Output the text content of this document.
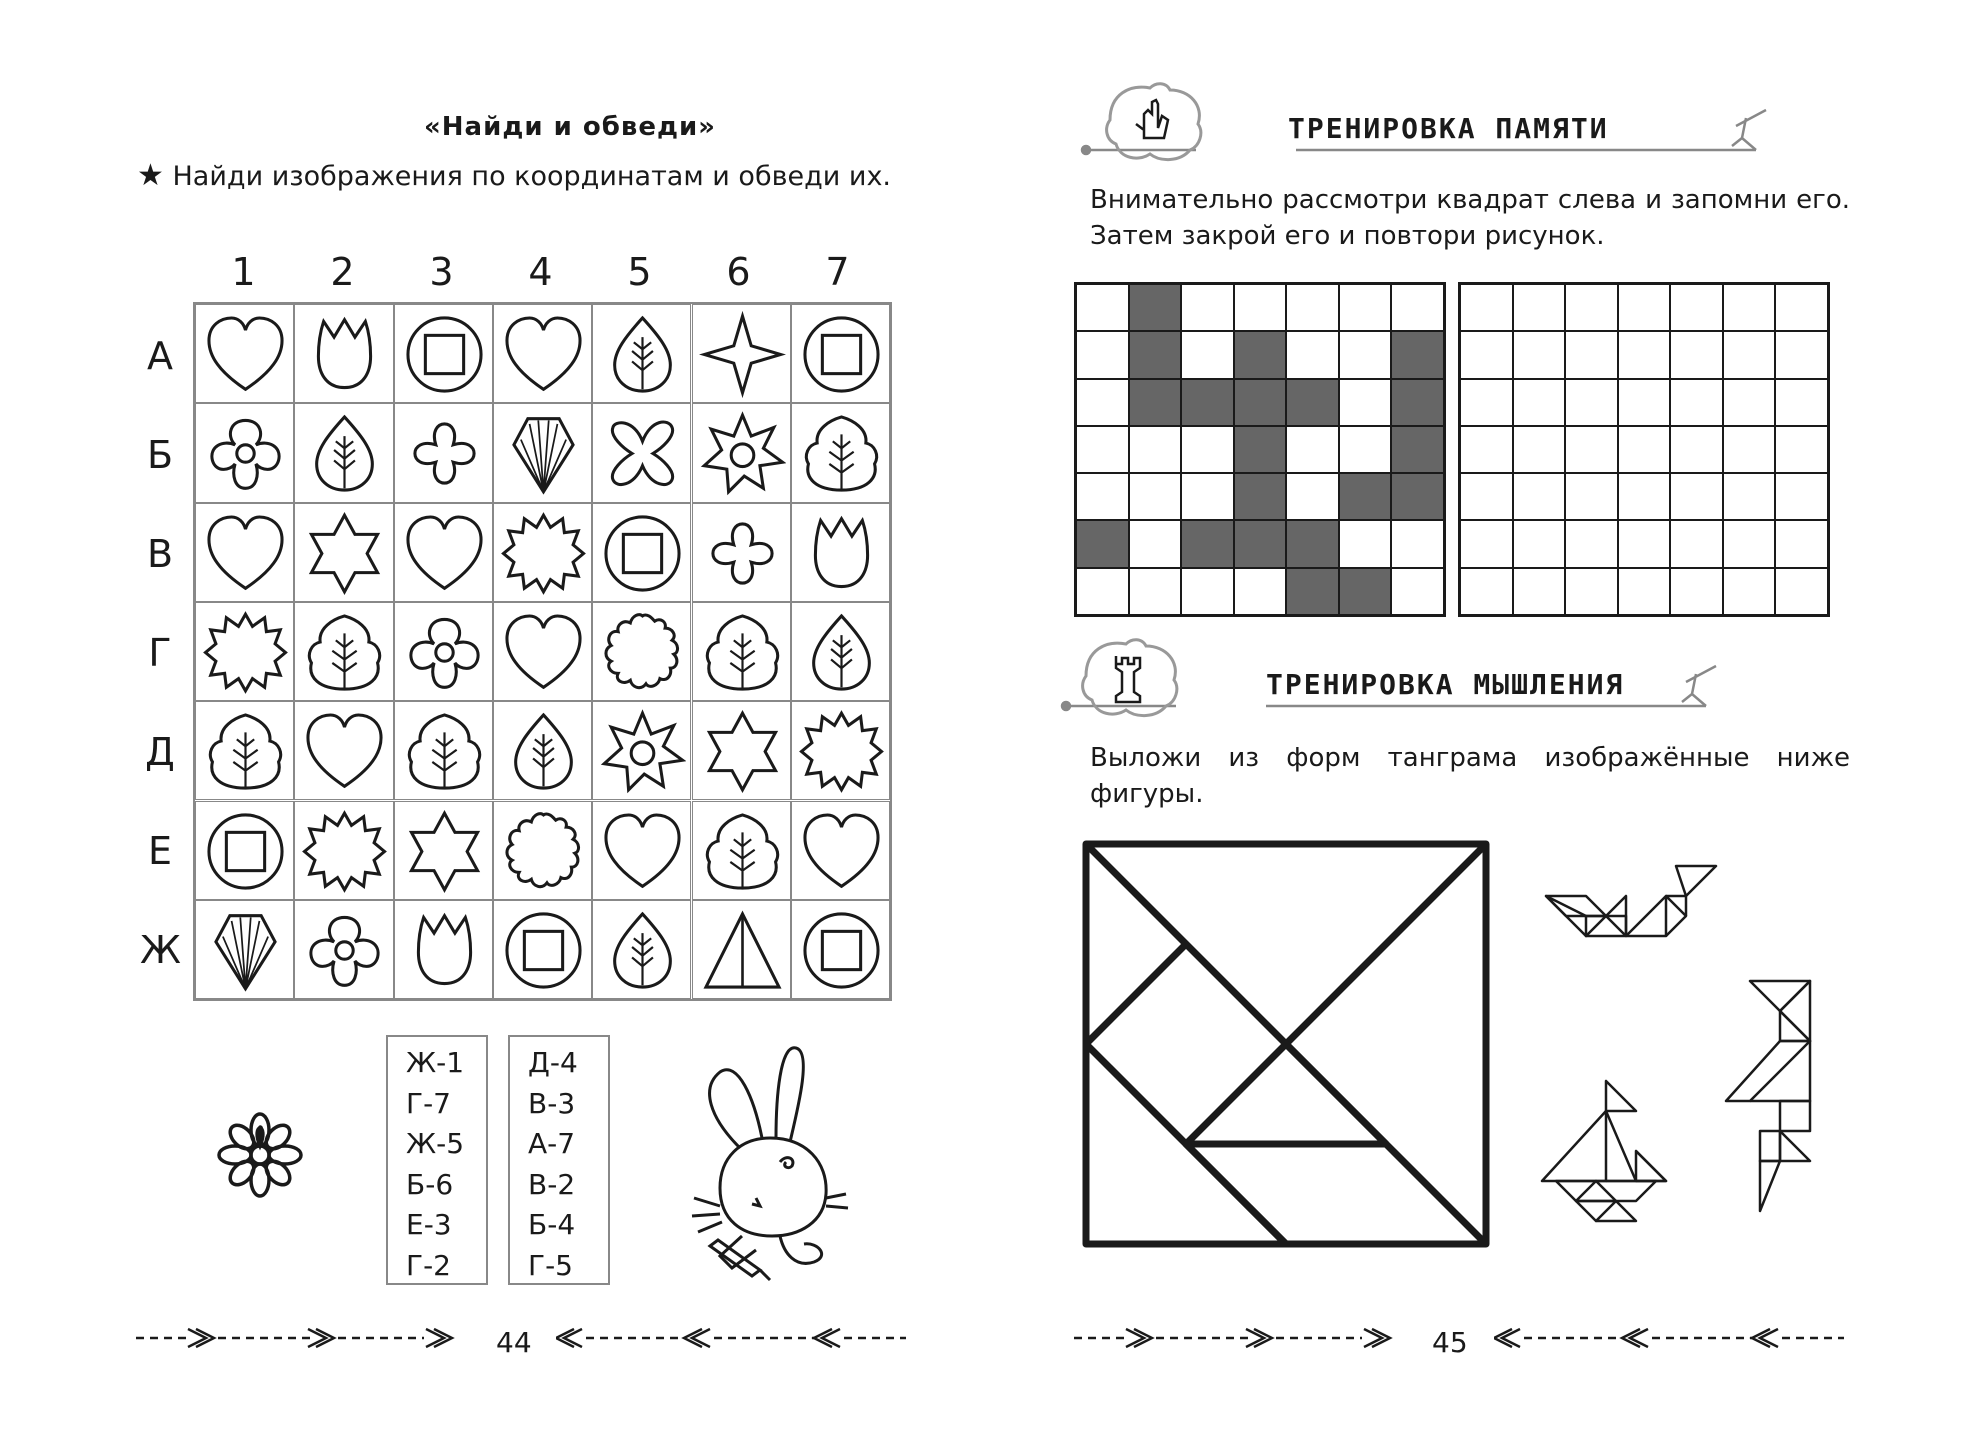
«Найди и обведи»
★ Найди изображения по координатам и обведи их.
1	2	3	4	5	6	7
А
Б
В
Г
Д
Е
Ж
Ж-1
Г-7
Ж-5
Б-6
Е-3
Г-2
Д-4
В-3
А-7
В-2
Б-4
Г-5
44
ТРЕНИРОВКА ПАМЯТИ
Внимательно рассмотри квадрат слева и запомни его. Затем закрой его и повтори рисунок.
ТРЕНИРОВКА МЫШЛЕНИЯ
Выложи из форм танграма изображённые ниже фигуры.
45
